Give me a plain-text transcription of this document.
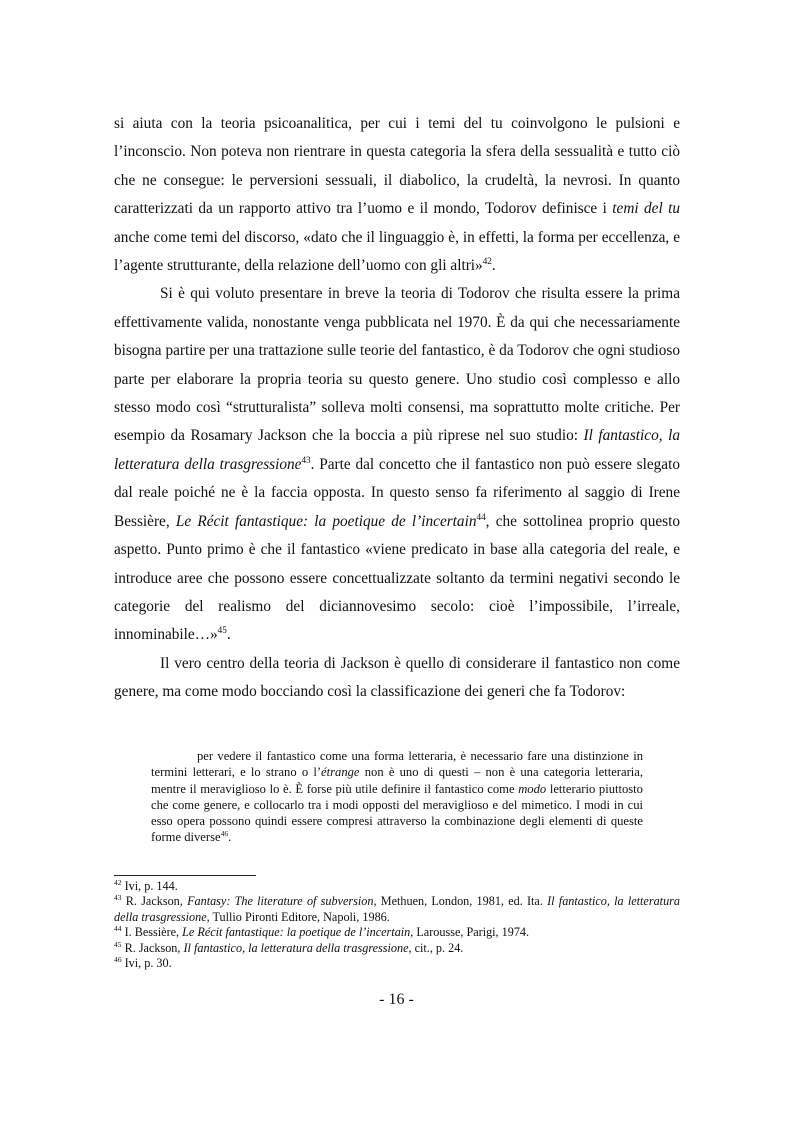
si aiuta con la teoria psicoanalitica, per cui i temi del tu coinvolgono le pulsioni e l’inconscio. Non poteva non rientrare in questa categoria la sfera della sessualità e tutto ciò che ne consegue: le perversioni sessuali, il diabolico, la crudeltà, la nevrosi. In quanto caratterizzati da un rapporto attivo tra l’uomo e il mondo, Todorov definisce i temi del tu anche come temi del discorso, «dato che il linguaggio è, in effetti, la forma per eccellenza, e l’agente strutturante, della relazione dell’uomo con gli altri»$^{42}$.

Si è qui voluto presentare in breve la teoria di Todorov che risulta essere la prima effettivamente valida, nonostante venga pubblicata nel 1970. È da qui che necessariamente bisogna partire per una trattazione sulle teorie del fantastico, è da Todorov che ogni studioso parte per elaborare la propria teoria su questo genere. Uno studio così complesso e allo stesso modo così “strutturalista” solleva molti consensi, ma soprattutto molte critiche. Per esempio da Rosamary Jackson che la boccia a più riprese nel suo studio: Il fantastico, la letteratura della trasgressione$^{43}$. Parte dal concetto che il fantastico non può essere slegato dal reale poiché ne è la faccia opposta. In questo senso fa riferimento al saggio di Irene Bessière, Le Récit fantastique: la poetique de l’incertain$^{44}$, che sottolinea proprio questo aspetto. Punto primo è che il fantastico «viene predicato in base alla categoria del reale, e introduce aree che possono essere concettualizzate soltanto da termini negativi secondo le categorie del realismo del diciannovesimo secolo: cioè l’impossibile, l’irreale, innominabile…»$^{45}$.

Il vero centro della teoria di Jackson è quello di considerare il fantastico non come genere, ma come modo bocciando così la classificazione dei generi che fa Todorov:

per vedere il fantastico come una forma letteraria, è necessario fare una distinzione in termini letterari, e lo strano o l’étrange non è uno di questi – non è una categoria letteraria, mentre il meraviglioso lo è. È forse più utile definire il fantastico come modo letterario piuttosto che come genere, e collocarlo tra i modi opposti del meraviglioso e del mimetico. I modi in cui esso opera possono quindi essere compresi attraverso la combinazione degli elementi di queste forme diverse$^{46}$.

$^{42}$ Ivi, p. 144.

$^{43}$ R. Jackson, Fantasy: The literature of subversion, Methuen, London, 1981, ed. Ita. Il fantastico, la letteratura della trasgressione, Tullio Pironti Editore, Napoli, 1986.

$^{44}$ I. Bessière, Le Récit fantastique: la poetique de l’incertain, Larousse, Parigi, 1974.

$^{45}$ R. Jackson, Il fantastico, la letteratura della trasgressione, cit., p. 24.

$^{46}$ Ivi, p. 30.

- 16 -
